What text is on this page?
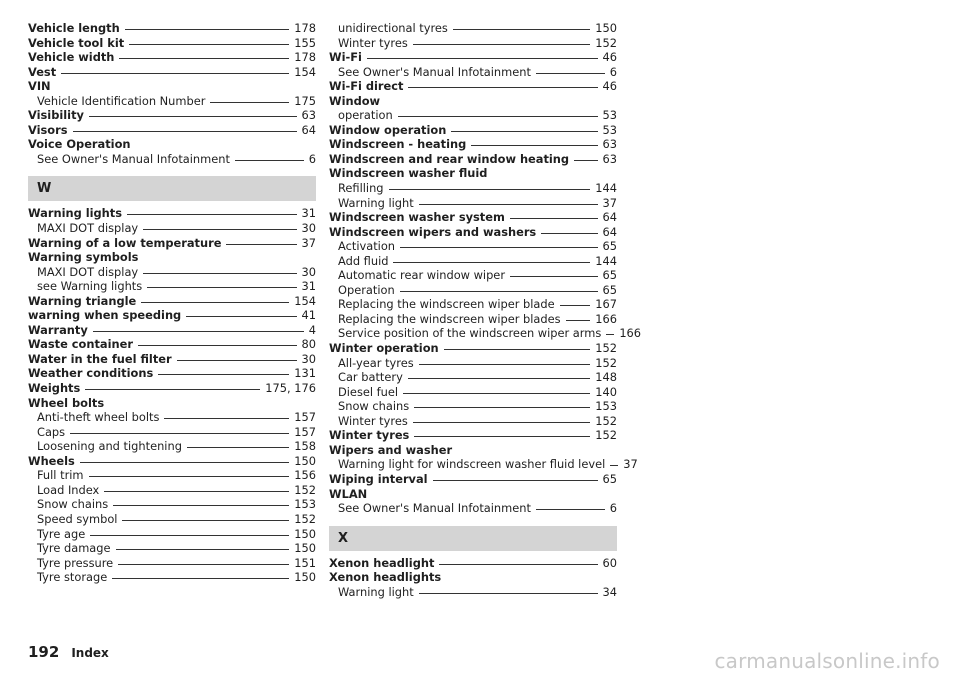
Vehicle length	178
Vehicle tool kit	155
Vehicle width	178
Vest	154
VIN
Vehicle Identification Number	175
Visibility	63
Visors	64
Voice Operation
See Owner's Manual Infotainment	6
W
Warning lights	31
MAXI DOT display	30
Warning of a low temperature	37
Warning symbols
MAXI DOT display	30
see Warning lights	31
Warning triangle	154
warning when speeding	41
Warranty	4
Waste container	80
Water in the fuel filter	30
Weather conditions	131
Weights	175, 176
Wheel bolts
Anti-theft wheel bolts	157
Caps	157
Loosening and tightening	158
Wheels	150
Full trim	156
Load Index	152
Snow chains	153
Speed symbol	152
Tyre age	150
Tyre damage	150
Tyre pressure	151
Tyre storage	150
unidirectional tyres	150
Winter tyres	152
Wi-Fi	46
See Owner's Manual Infotainment	6
Wi-Fi direct	46
Window
operation	53
Window operation	53
Windscreen - heating	63
Windscreen and rear window heating	63
Windscreen washer fluid
Refilling	144
Warning light	37
Windscreen washer system	64
Windscreen wipers and washers	64
Activation	65
Add fluid	144
Automatic rear window wiper	65
Operation	65
Replacing the windscreen wiper blade	167
Replacing the windscreen wiper blades	166
Service position of the windscreen wiper arms 166
Winter operation	152
All-year tyres	152
Car battery	148
Diesel fuel	140
Snow chains	153
Winter tyres	152
Winter tyres	152
Wipers and washer
Warning light for windscreen washer fluid level 37
Wiping interval	65
WLAN
See Owner's Manual Infotainment	6
X
Xenon headlight	60
Xenon headlights
Warning light	34
192 Index	carmanualsonline.info
